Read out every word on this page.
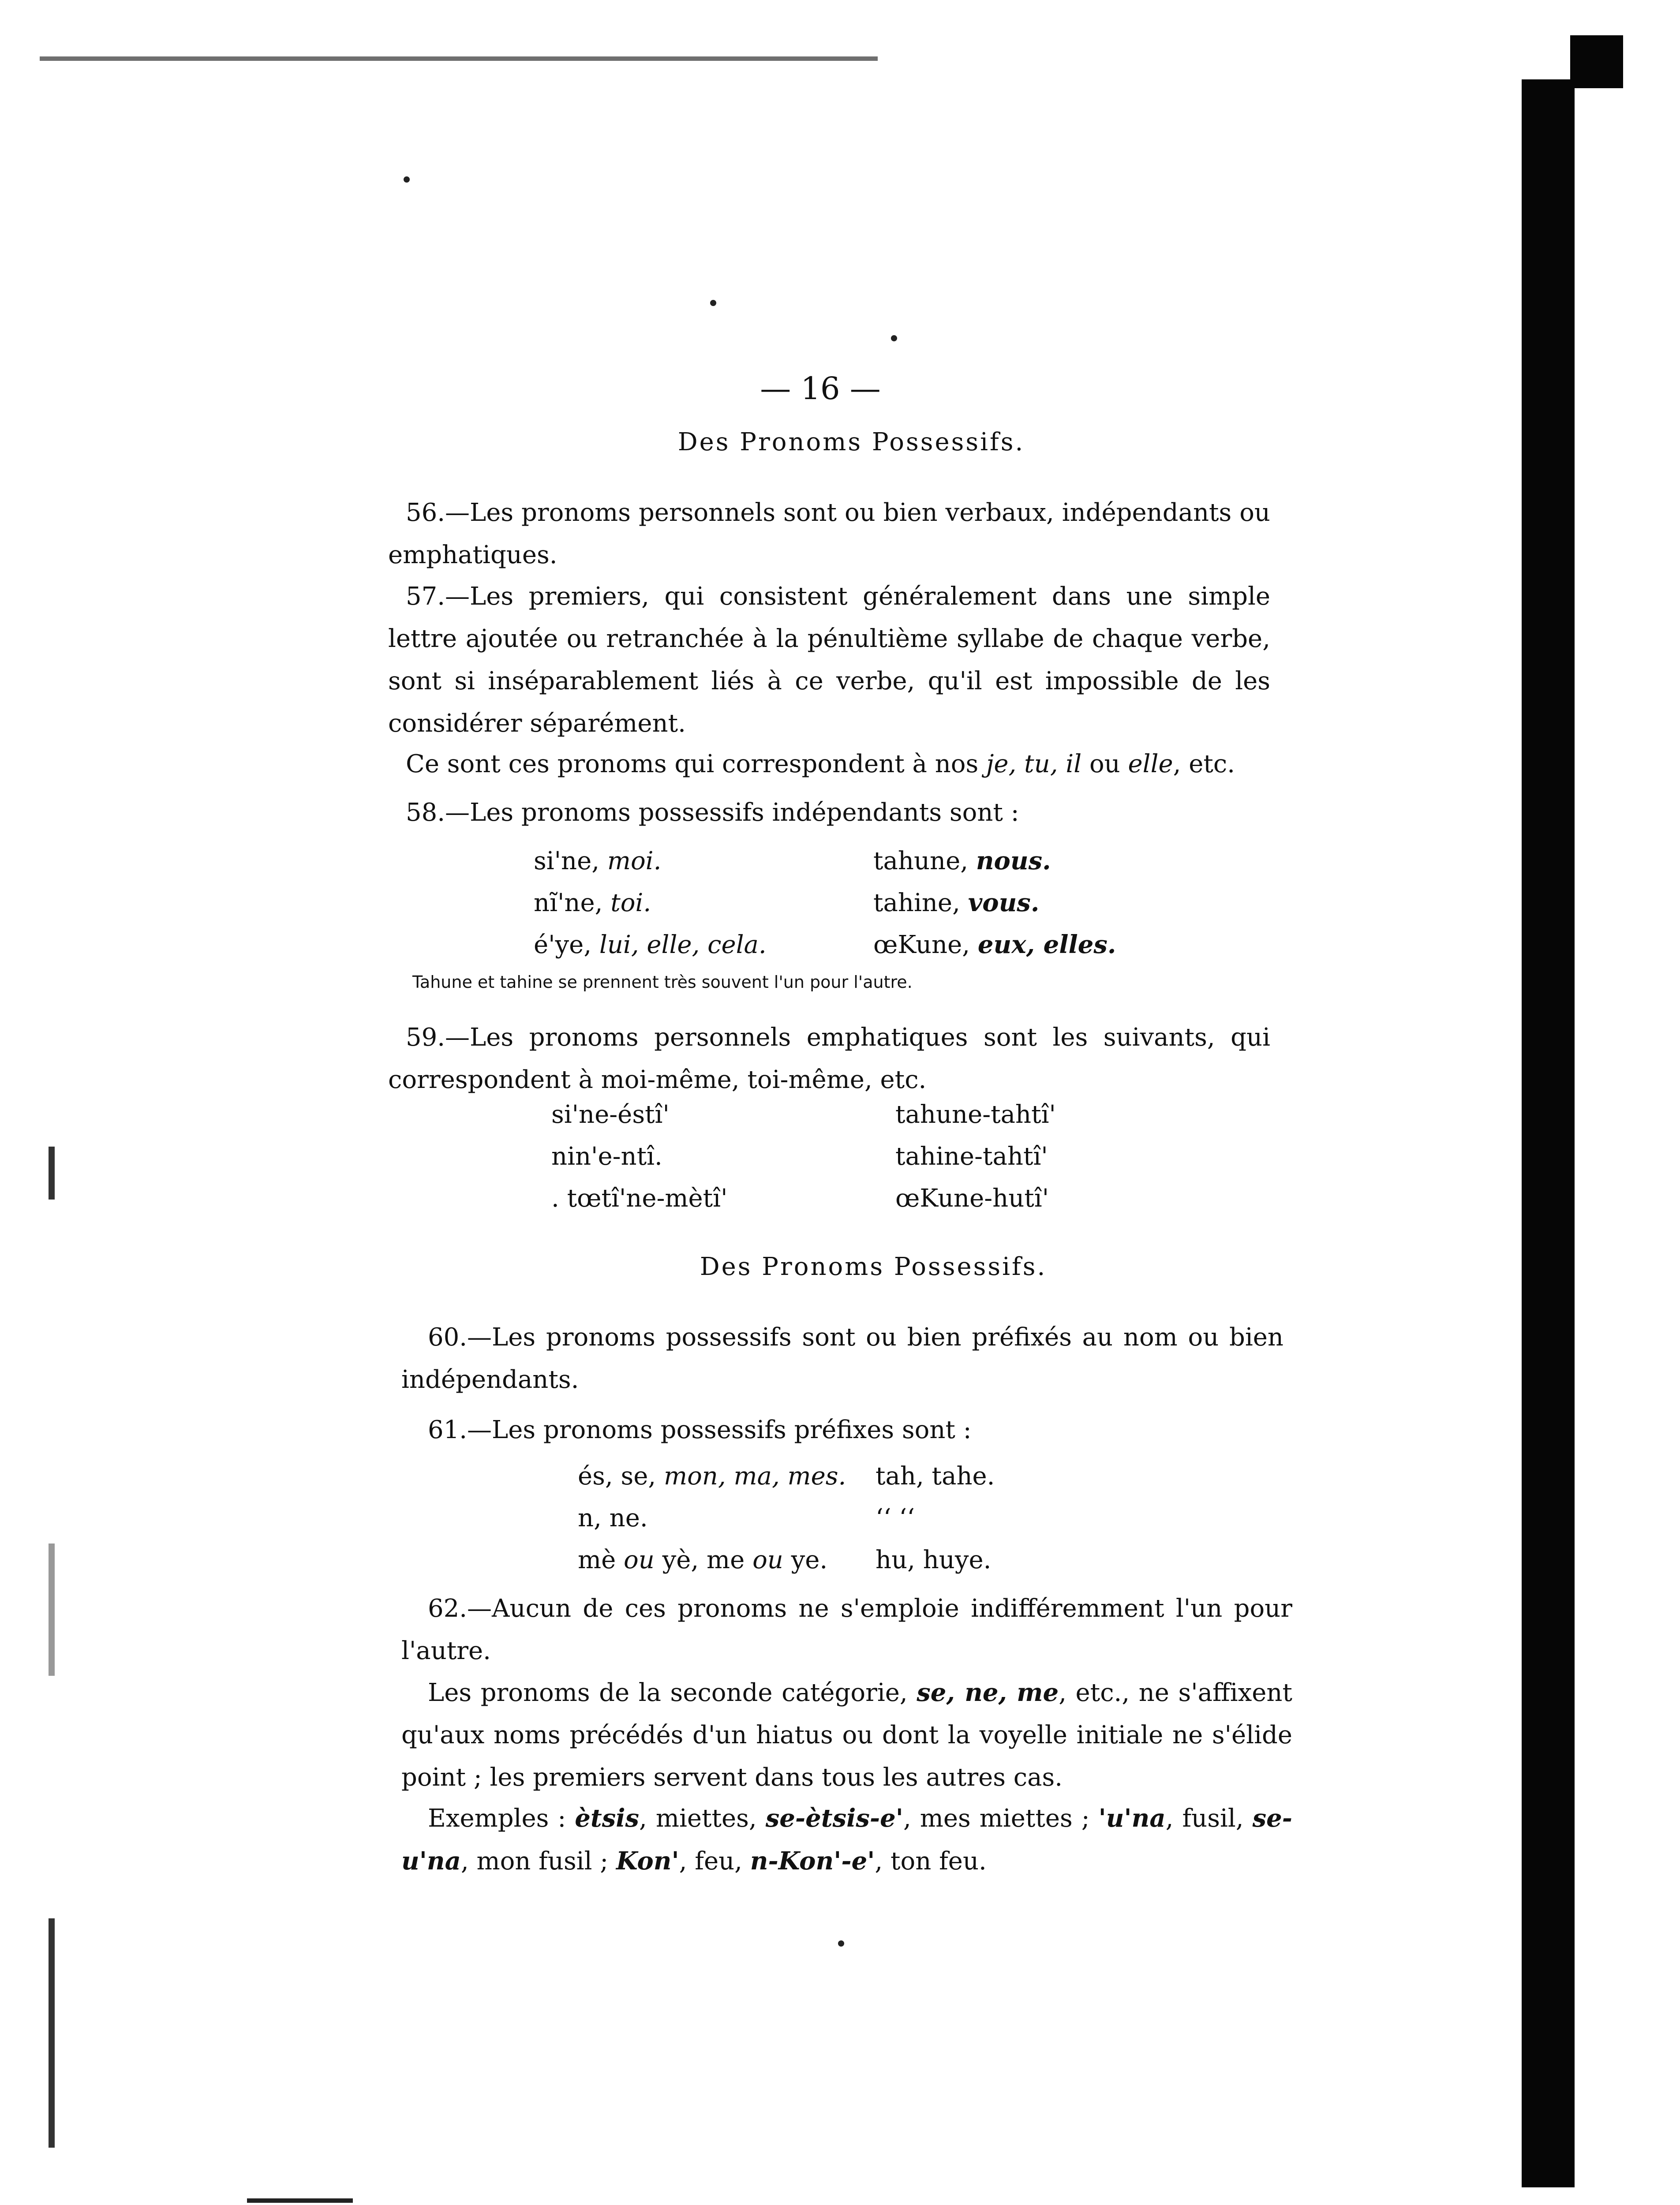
— 16 —
Des Pronoms Possessifs.
56.—Les pronoms personnels sont ou bien verbaux, indépendants ou emphatiques.
57.—Les premiers, qui consistent généralement dans une simple lettre ajoutée ou retranchée à la pénultième syllabe de chaque verbe, sont si inséparablement liés à ce verbe, qu'il est impossible de les considérer séparément.
Ce sont ces pronoms qui correspondent à nos je, tu, il ou elle, etc.
58.—Les pronoms possessifs indépendants sont :
si'ne, moi.
nĩ'ne, toi.
é'ye, lui, elle, cela.
tahune, nous.
tahine, vous.
œKune, eux, elles.
Tahune et tahine se prennent très souvent l'un pour l'autre.
59.—Les pronoms personnels emphatiques sont les suivants, qui correspondent à moi-même, toi-même, etc.
si'ne-éstî'
nin'e-ntî.
. tœtî'ne-mètî'
tahune-tahtî'
tahine-tahtî'
œKune-hutî'
Des Pronoms Possessifs.
60.—Les pronoms possessifs sont ou bien préfixés au nom ou bien indépendants.
61.—Les pronoms possessifs préfixes sont :
és, se, mon, ma, mes.
n, ne.
mè ou yè, me ou ye.
tah, tahe.
‘‘ ‘‘
hu, huye.
62.—Aucun de ces pronoms ne s'emploie indifféremment l'un pour l'autre.
Les pronoms de la seconde catégorie, se, ne, me, etc., ne s'affixent qu'aux noms précédés d'un hiatus ou dont la voyelle initiale ne s'élide point ; les premiers servent dans tous les autres cas.
Exemples : ètsis, miettes, se-ètsis-e', mes miettes ; 'u'na, fusil, se-u'na, mon fusil ; Kon', feu, n-Kon'-e', ton feu.
